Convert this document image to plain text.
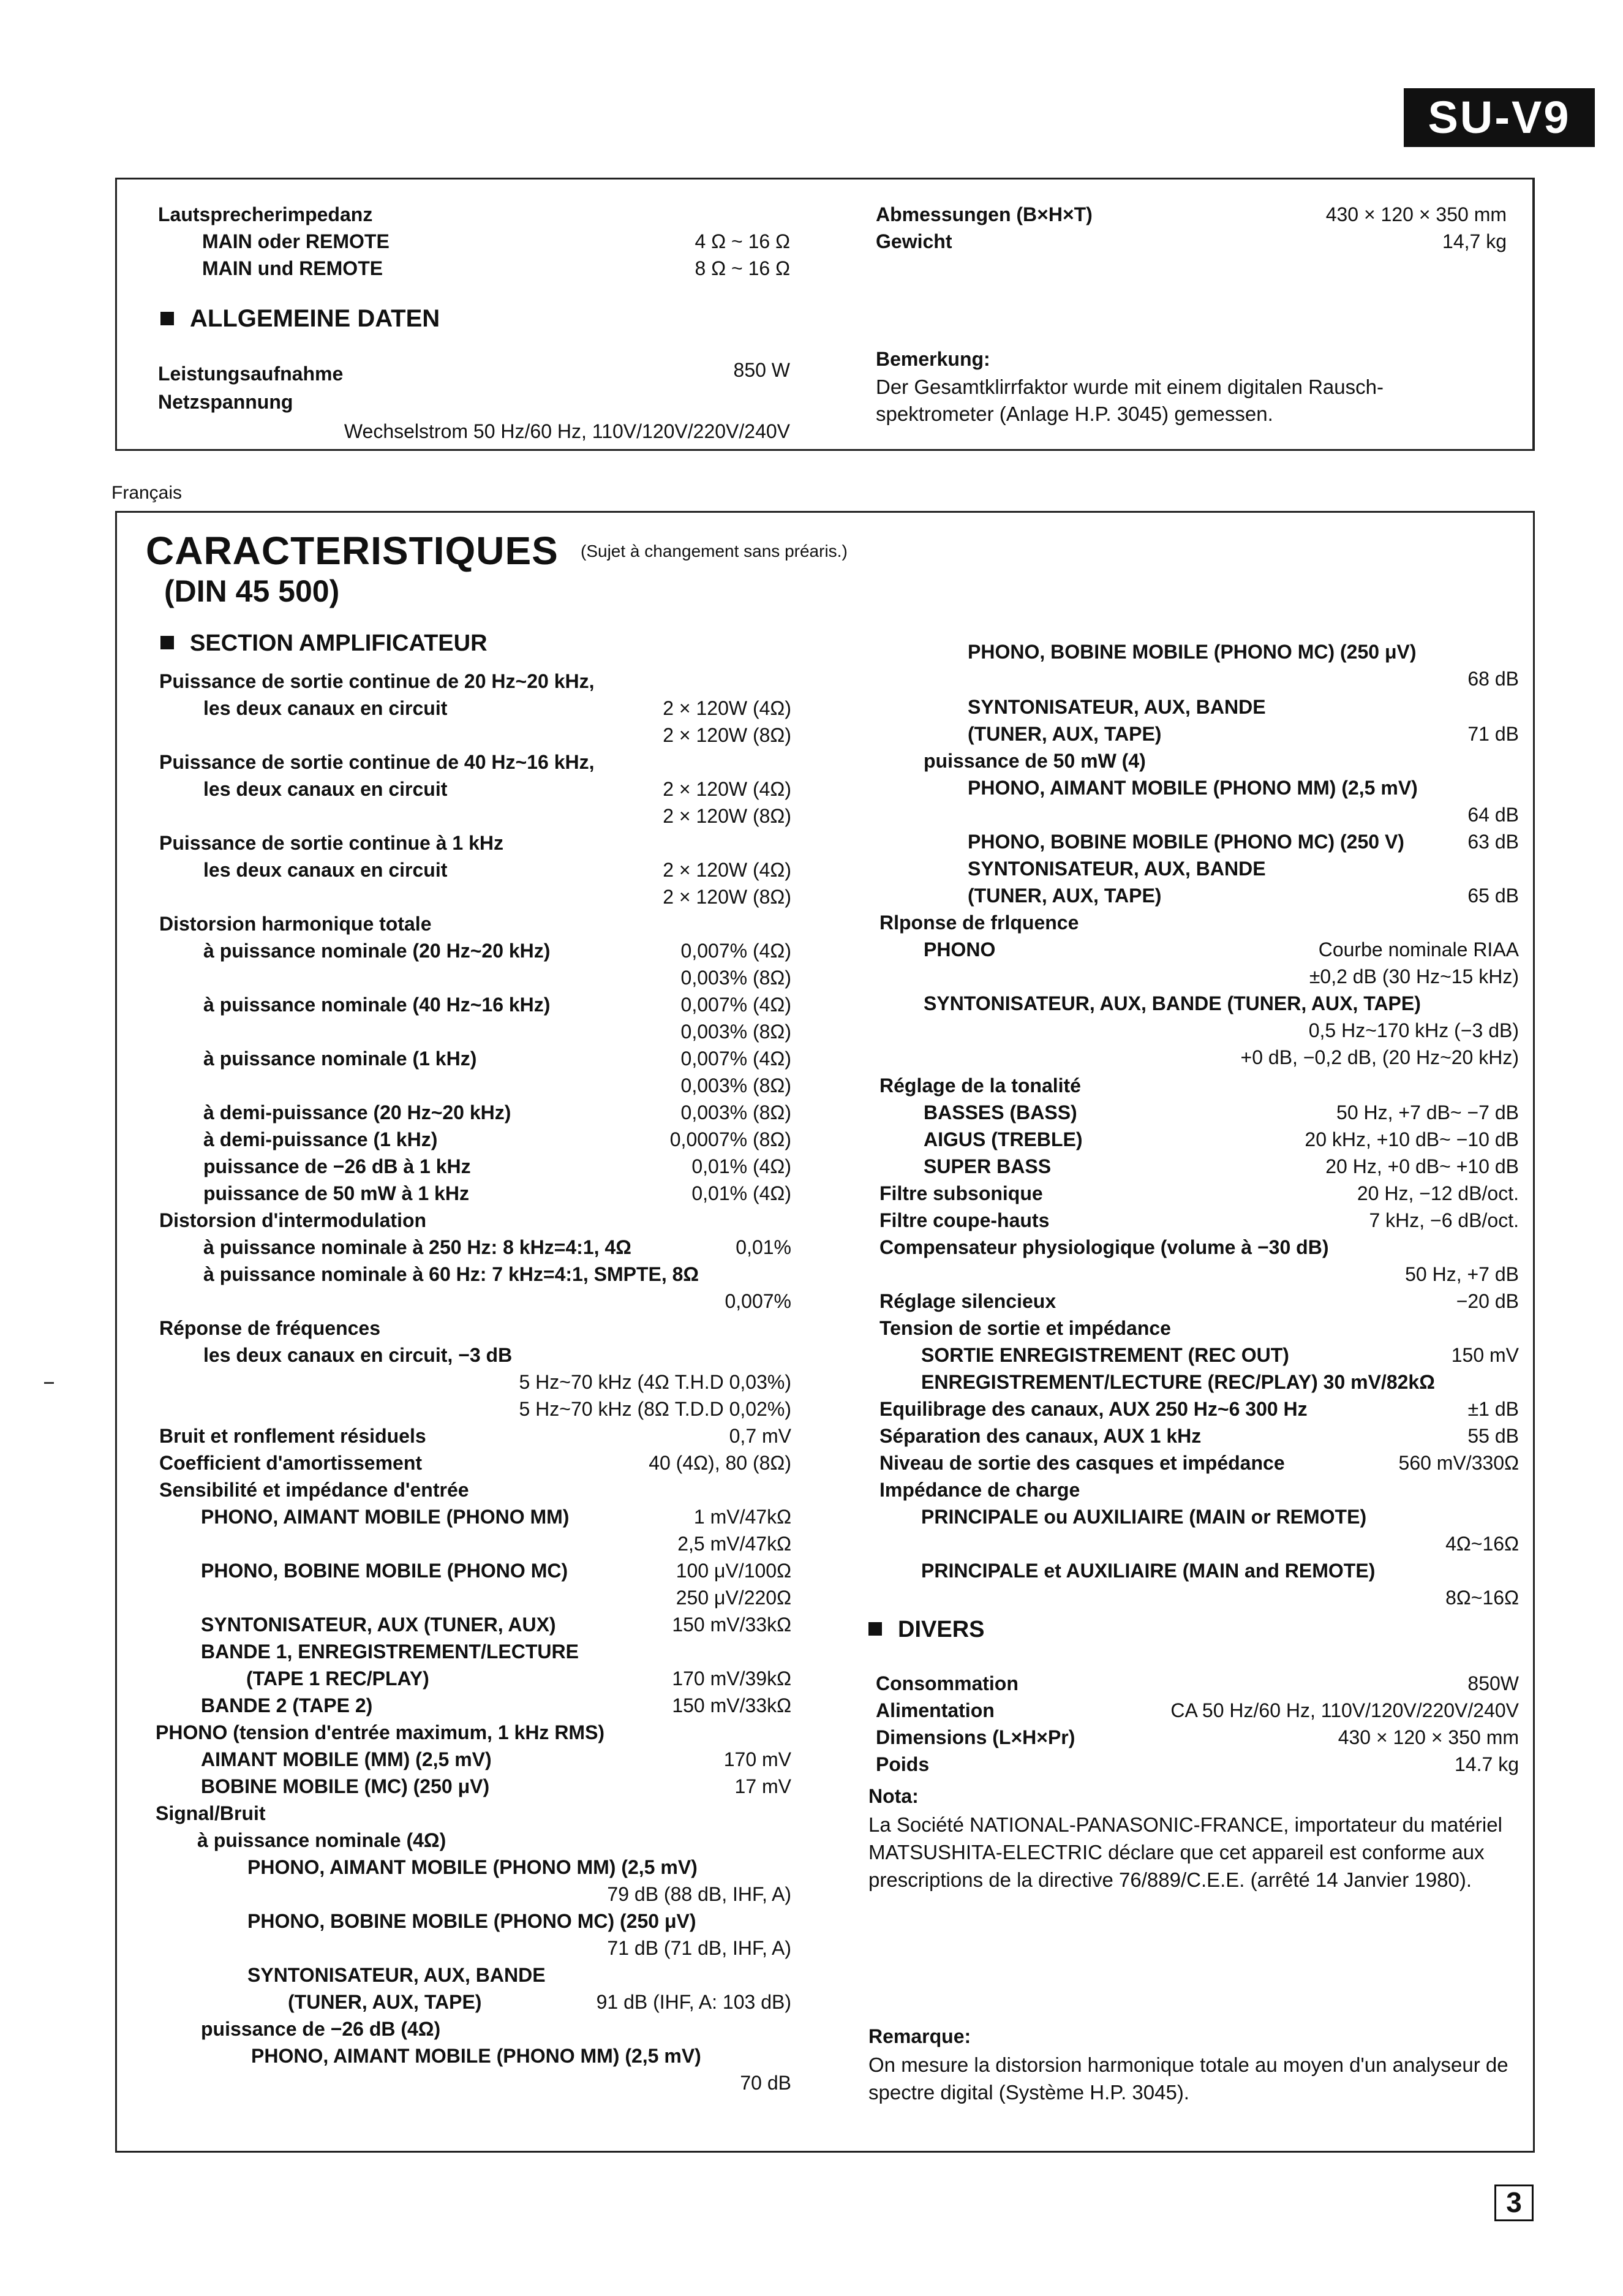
SU-V9
Lautsprecherimpedanz
MAIN oder REMOTE	4 Ω ~ 16 Ω
MAIN und REMOTE	8 Ω ~ 16 Ω
ALLGEMEINE DATEN
Leistungsaufnahme	850 W
Netzspannung
Wechselstrom 50 Hz/60 Hz, 110V/120V/220V/240V
Abmessungen (B×H×T)	430 × 120 × 350 mm
Gewicht	14,7 kg
Bemerkung:
Der Gesamtklirrfaktor wurde mit einem digitalen Rausch-
spektrometer (Anlage H.P. 3045) gemessen.
Français
CARACTERISTIQUES (Sujet à changement sans préaris.)
(DIN 45 500)
SECTION AMPLIFICATEUR
DIVERS
Puissance de sortie continue de 20 Hz~20 kHz,
les deux canaux en circuit	2 × 120W (4Ω)
2 × 120W (8Ω)
Puissance de sortie continue de 40 Hz~16 kHz,
les deux canaux en circuit	2 × 120W (4Ω)
2 × 120W (8Ω)
Puissance de sortie continue à 1 kHz
les deux canaux en circuit	2 × 120W (4Ω)
2 × 120W (8Ω)
Distorsion harmonique totale
à puissance nominale (20 Hz~20 kHz)	0,007% (4Ω)
0,003% (8Ω)
à puissance nominale (40 Hz~16 kHz)	0,007% (4Ω)
0,003% (8Ω)
à puissance nominale (1 kHz)	0,007% (4Ω)
0,003% (8Ω)
à demi-puissance (20 Hz~20 kHz)	0,003% (8Ω)
à demi-puissance (1 kHz)	0,0007% (8Ω)
puissance de −26 dB à 1 kHz	0,01% (4Ω)
puissance de 50 mW à 1 kHz	0,01% (4Ω)
Distorsion d'intermodulation
à puissance nominale à 250 Hz: 8 kHz=4:1, 4Ω	0,01%
à puissance nominale à 60 Hz: 7 kHz=4:1, SMPTE, 8Ω
0,007%
Réponse de fréquences
les deux canaux en circuit, −3 dB
5 Hz~70 kHz (4Ω T.H.D 0,03%)
5 Hz~70 kHz (8Ω T.D.D 0,02%)
Bruit et ronflement résiduels	0,7 mV
Coefficient d'amortissement	40 (4Ω), 80 (8Ω)
Sensibilité et impédance d'entrée
PHONO, AIMANT MOBILE (PHONO MM)	1 mV/47kΩ
2,5 mV/47kΩ
PHONO, BOBINE MOBILE (PHONO MC)	100 μV/100Ω
250 μV/220Ω
SYNTONISATEUR, AUX (TUNER, AUX)	150 mV/33kΩ
BANDE 1, ENREGISTREMENT/LECTURE
(TAPE 1 REC/PLAY)	170 mV/39kΩ
BANDE 2 (TAPE 2)	150 mV/33kΩ
PHONO (tension d'entrée maximum, 1 kHz RMS)
AIMANT MOBILE (MM) (2,5 mV)	170 mV
BOBINE MOBILE (MC) (250 μV)	17 mV
Signal/Bruit
à puissance nominale (4Ω)
PHONO, AIMANT MOBILE (PHONO MM) (2,5 mV)
79 dB (88 dB, IHF, A)
PHONO, BOBINE MOBILE (PHONO MC) (250 μV)
71 dB (71 dB, IHF, A)
SYNTONISATEUR, AUX, BANDE
(TUNER, AUX, TAPE)	91 dB (IHF, A: 103 dB)
puissance de −26 dB (4Ω)
PHONO, AIMANT MOBILE (PHONO MM) (2,5 mV)
70 dB
PHONO, BOBINE MOBILE (PHONO MC) (250 μV)
68 dB
SYNTONISATEUR, AUX, BANDE
(TUNER, AUX, TAPE)	71 dB
puissance de 50 mW (4)
PHONO, AIMANT MOBILE (PHONO MM) (2,5 mV)
64 dB
PHONO, BOBINE MOBILE (PHONO MC) (250 V)	63 dB
SYNTONISATEUR, AUX, BANDE
(TUNER, AUX, TAPE)	65 dB
Rlponse de frlquence
PHONO	Courbe nominale RIAA
±0,2 dB (30 Hz~15 kHz)
SYNTONISATEUR, AUX, BANDE (TUNER, AUX, TAPE)
0,5 Hz~170 kHz (−3 dB)
+0 dB, −0,2 dB, (20 Hz~20 kHz)
Réglage de la tonalité
BASSES (BASS)	50 Hz, +7 dB~ −7 dB
AIGUS (TREBLE)	20 kHz, +10 dB~ −10 dB
SUPER BASS	20 Hz, +0 dB~ +10 dB
Filtre subsonique	20 Hz, −12 dB/oct.
Filtre coupe-hauts	7 kHz, −6 dB/oct.
Compensateur physiologique (volume à −30 dB)
50 Hz, +7 dB
Réglage silencieux	−20 dB
Tension de sortie et impédance
SORTIE ENREGISTREMENT (REC OUT)	150 mV
ENREGISTREMENT/LECTURE (REC/PLAY) 30 mV/82kΩ
Equilibrage des canaux, AUX 250 Hz~6 300 Hz	±1 dB
Séparation des canaux, AUX 1 kHz	55 dB
Niveau de sortie des casques et impédance	560 mV/330Ω
Impédance de charge
PRINCIPALE ou AUXILIAIRE (MAIN or REMOTE)
4Ω~16Ω
PRINCIPALE et AUXILIAIRE (MAIN and REMOTE)
8Ω~16Ω
Consommation	850W
Alimentation	CA 50 Hz/60 Hz, 110V/120V/220V/240V
Dimensions (L×H×Pr)	430 × 120 × 350 mm
Poids	14.7 kg
Nota:
La Société NATIONAL-PANASONIC-FRANCE, importateur du matériel MATSUSHITA-ELECTRIC déclare que cet appareil est conforme aux prescriptions de la directive 76/889/C.E.E. (arrêté 14 Janvier 1980).
Remarque:
On mesure la distorsion harmonique totale au moyen d'un analyseur de spectre digital (Système H.P. 3045).
3
